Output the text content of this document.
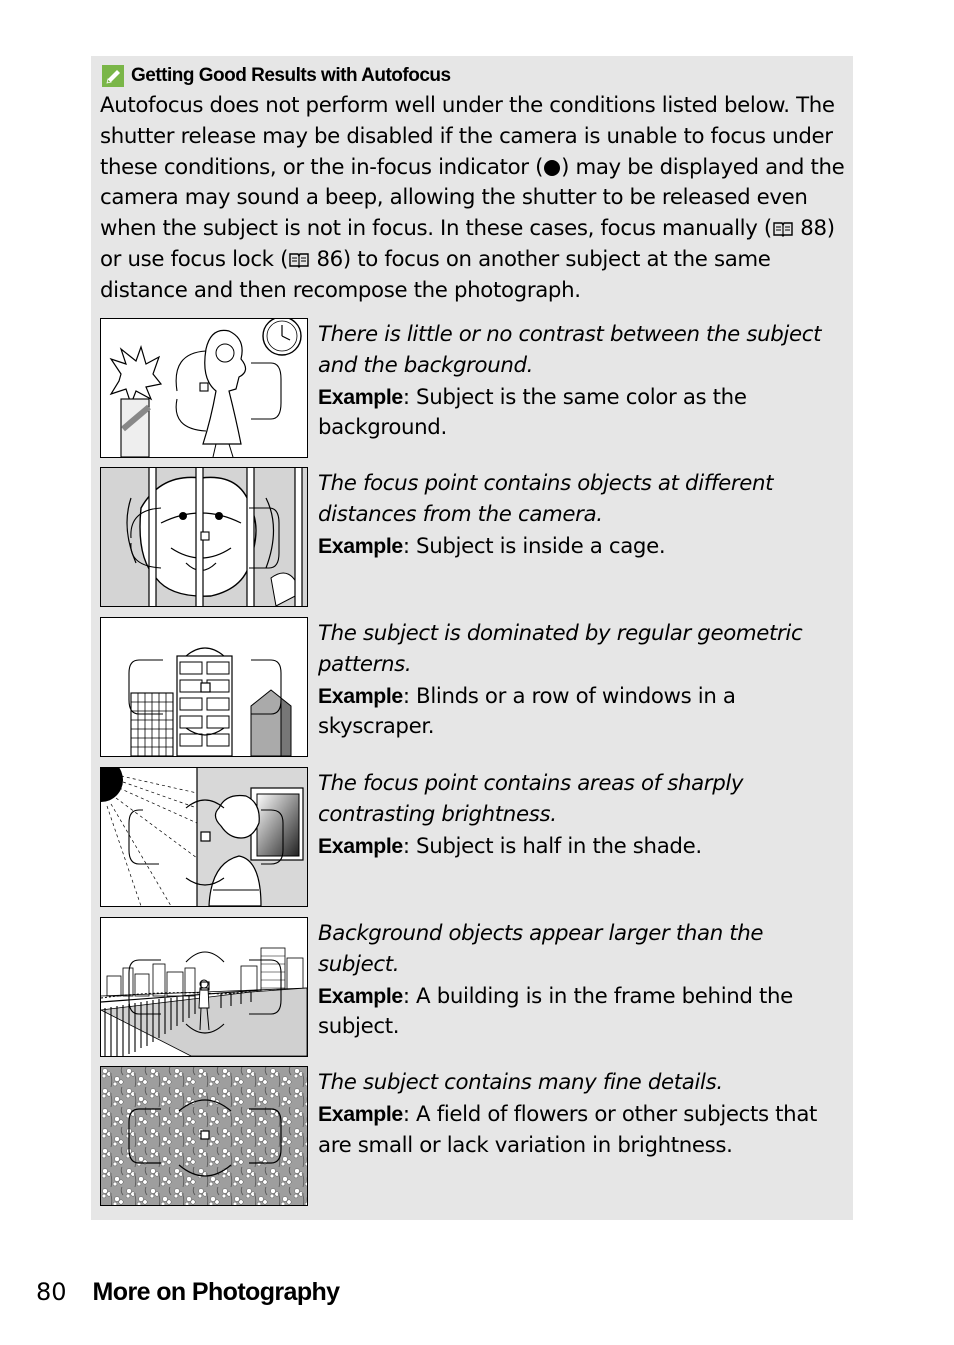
Getting Good Results with Autofocus

Autofocus does not perform well under the conditions listed below. The shutter release may be disabled if the camera is unable to focus under these conditions, or the in-focus indicator ( ) may be displayed and the camera may sound a beep, allowing the shutter to be released even when the subject is not in focus. In these cases, focus manually ( 88) or use focus lock ( 86) to focus on another subject at the same distance and then recompose the photograph.

There is little or no contrast between the subject and the background.
Example: Subject is the same color as the background.

The focus point contains objects at different distances from the camera.
Example: Subject is inside a cage.

The subject is dominated by regular geometric patterns.
Example: Blinds or a row of windows in a skyscraper.

The focus point contains areas of sharply contrasting brightness.
Example: Subject is half in the shade.

Background objects appear larger than the subject.
Example: A building is in the frame behind the subject.

The subject contains many fine details.
Example: A field of flowers or other subjects that are small or lack variation in brightness.

80 More on Photography
